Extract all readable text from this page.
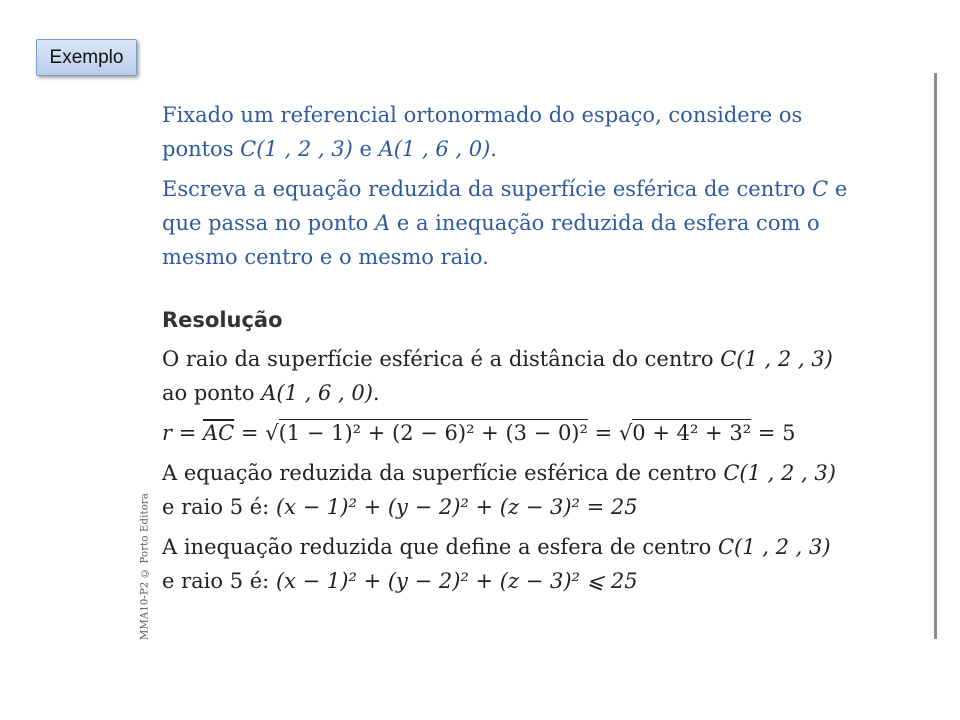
Exemplo
MMA10-P2 © Porto Editora

Fixado um referencial ortonormado do espaço, considere os
pontos C(1 , 2 , 3) e A(1 , 6 , 0).

Escreva a equação reduzida da superfície esférica de centro C e
que passa no ponto A e a inequação reduzida da esfera com o
mesmo centro e o mesmo raio.

Resolução

O raio da superfície esférica é a distância do centro C(1 , 2 , 3)
ao ponto A(1 , 6 , 0).

$r = \overline{AC} = √(1 - 1)^2 + (2 - 6)^2 + (3 - 0)^2 = √0 + 4^2 + 3^2 = 5$

A equação reduzida da superfície esférica de centro C(1 , 2 , 3)
e raio 5 é: (x − 1)² + (y − 2)² + (z − 3)² = 25

A inequação reduzida que define a esfera de centro C(1 , 2 , 3)
e raio 5 é: (x − 1)² + (y − 2)² + (z − 3)² ⩽ 25
